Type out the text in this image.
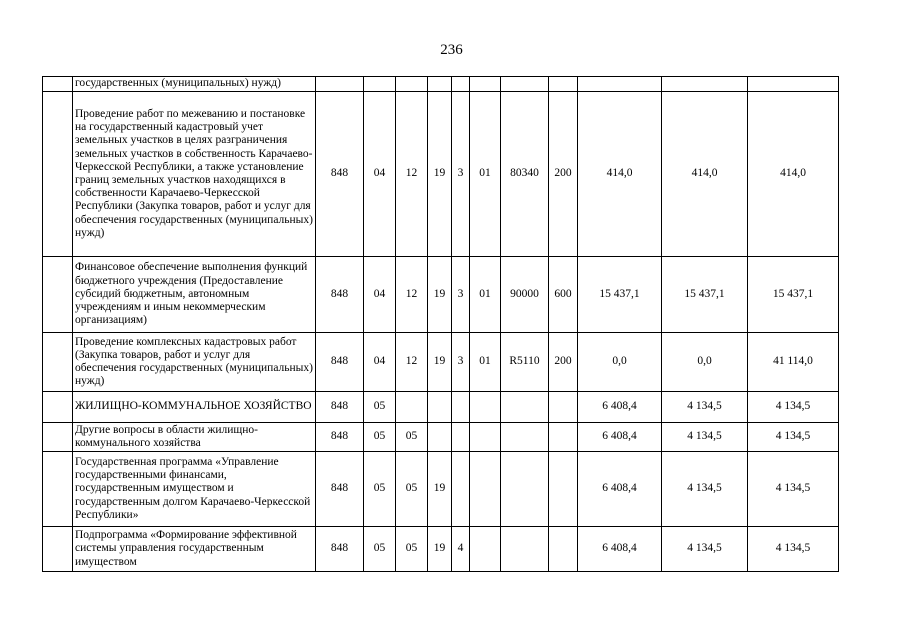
236
	государственных (муниципальных) нужд)											
	Проведение работ по межеванию и постановке на государственный кадастровый учет земельных участков в целях разграничения земельных участков в собственность Карачаево-Черкесской Республики, а также установление границ земельных участков находящихся в собственности Карачаево-Черкесской Республики (Закупка товаров, работ и услуг для обеспечения государственных (муниципальных) нужд)	848	04	12	19	3	01	80340	200	414,0	414,0	414,0
	Финансовое обеспечение выполнения функций бюджетного учреждения (Предоставление субсидий бюджетным, автономным учреждениям и иным некоммерческим организациям)	848	04	12	19	3	01	90000	600	15 437,1	15 437,1	15 437,1
	Проведение комплексных кадастровых работ (Закупка товаров, работ и услуг для обеспечения государственных (муниципальных) нужд)	848	04	12	19	3	01	R5110	200	0,0	0,0	41 114,0
	ЖИЛИЩНО-КОММУНАЛЬНОЕ ХОЗЯЙСТВО	848	05							6 408,4	4 134,5	4 134,5
	Другие вопросы в области жилищно-коммунального хозяйства	848	05	05						6 408,4	4 134,5	4 134,5
	Государственная программа «Управление государственными финансами, государственным имуществом и государственным долгом Карачаево-Черкесской Республики»	848	05	05	19					6 408,4	4 134,5	4 134,5
	Подпрограмма «Формирование эффективной системы управления государственным имуществом	848	05	05	19	4				6 408,4	4 134,5	4 134,5
